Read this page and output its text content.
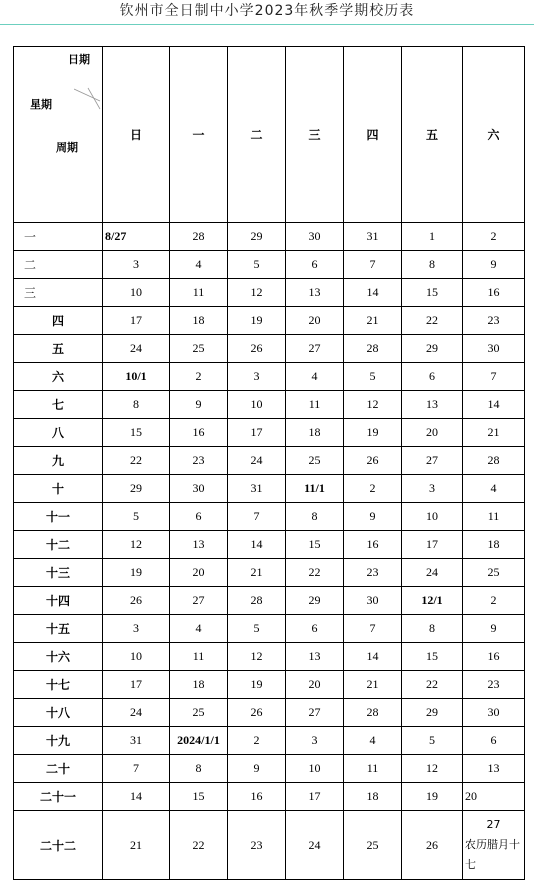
钦州市全日制中小学2023年秋季学期校历表
日期
星期
周期	日	一	二	三	四	五	六
一	8/27	28	29	30	31	1	2
二	3	4	5	6	7	8	9
三	10	11	12	13	14	15	16
四	17	18	19	20	21	22	23
五	24	25	26	27	28	29	30
六	10/1	2	3	4	5	6	7
七	8	9	10	11	12	13	14
八	15	16	17	18	19	20	21
九	22	23	24	25	26	27	28
十	29	30	31	11/1	2	3	4
十一	5	6	7	8	9	10	11
十二	12	13	14	15	16	17	18
十三	19	20	21	22	23	24	25
十四	26	27	28	29	30	12/1	2
十五	3	4	5	6	7	8	9
十六	10	11	12	13	14	15	16
十七	17	18	19	20	21	22	23
十八	24	25	26	27	28	29	30
十九	31	2024/1/1	2	3	4	5	6
二十	7	8	9	10	11	12	13
二十一	14	15	16	17	18	19	20
二十二	21	22	23	24	25	26	27
农历腊月十七
